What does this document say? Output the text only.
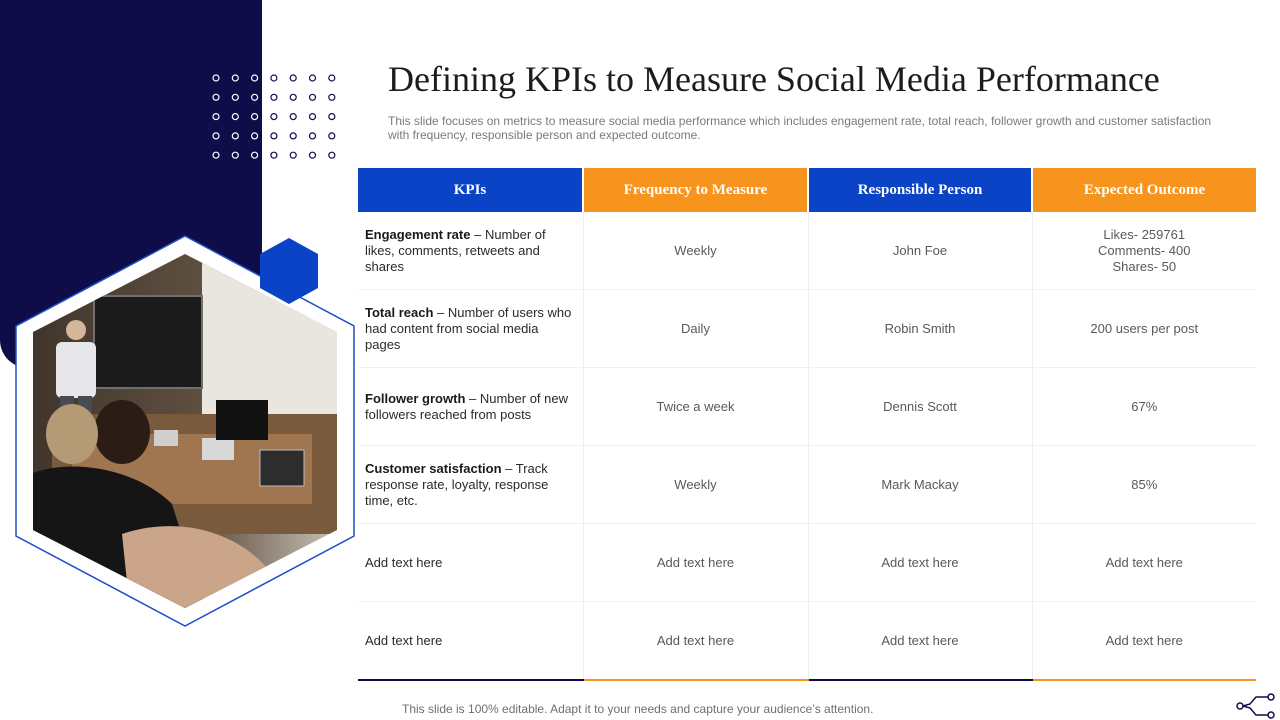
Defining KPIs to Measure Social Media Performance
This slide focuses on metrics to measure social media performance which includes engagement rate, total reach, follower growth and customer satisfaction with frequency, responsible person and expected outcome.
KPIs	Frequency to Measure	Responsible Person	Expected Outcome
Engagement rate – Number of likes, comments, retweets and shares	Weekly	John Foe	Likes- 259761
Comments- 400
Shares- 50

Total reach – Number of users who had content from social media pages	Daily	Robin Smith	200 users per post

Follower growth – Number of new followers reached from posts	Twice a week	Dennis Scott	67%

Customer satisfaction – Track response rate, loyalty, response time, etc.	Weekly	Mark Mackay	85%

Add text here	Add text here	Add text here	Add text here

Add text here	Add text here	Add text here	Add text here
This slide is 100% editable. Adapt it to your needs and capture your audience’s attention.
